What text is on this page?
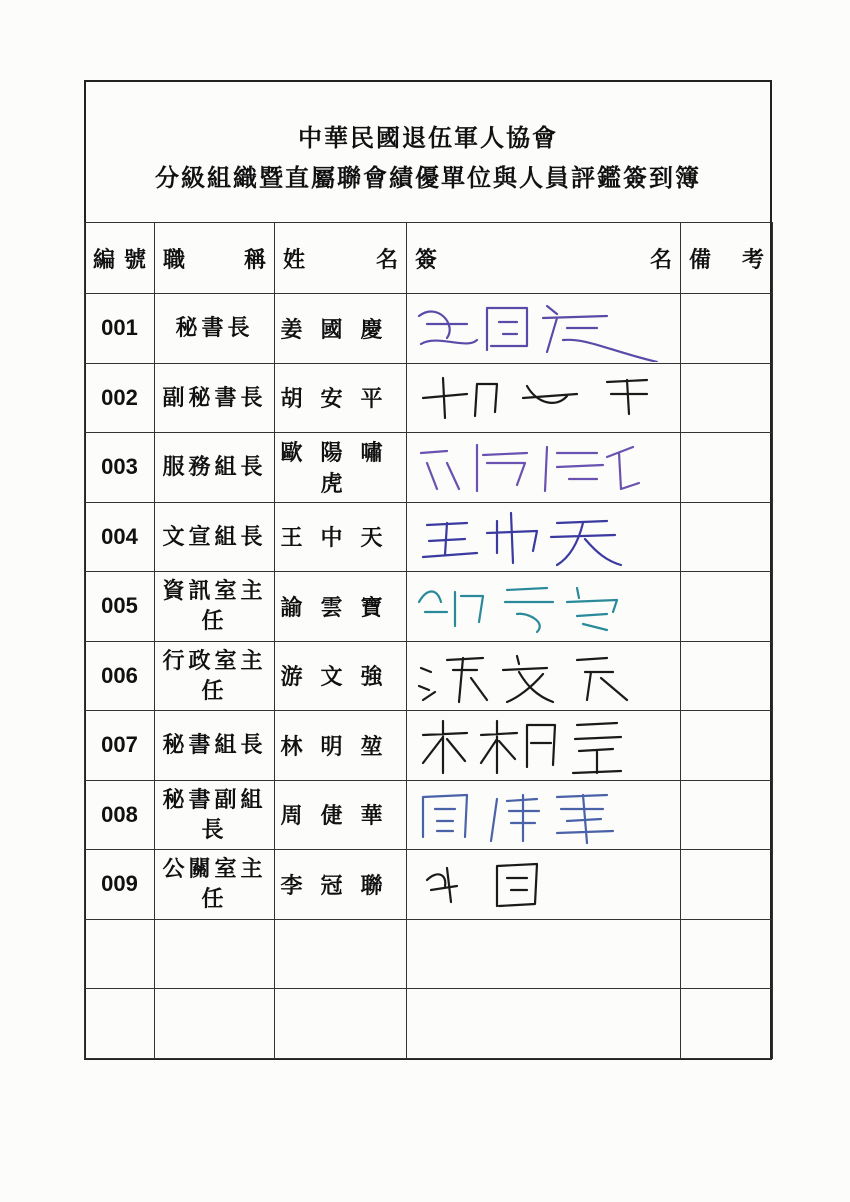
中華民國退伍軍人協會
分級組織暨直屬聯會績優單位與人員評鑑簽到簿
編 號	職 稱	姓 名	簽 名	備 考

001	秘書長	姜國慶	

002	副秘書長	胡安平	

003	服務組長	歐陽嘯虎	

004	文宣組長	王中天	

005	資訊室主任	諭雲寶	

006	行政室主任	游文強	

007	秘書組長	林明堃	

008	秘書副組長	周倢華	

009	公關室主任	李冠聯	
